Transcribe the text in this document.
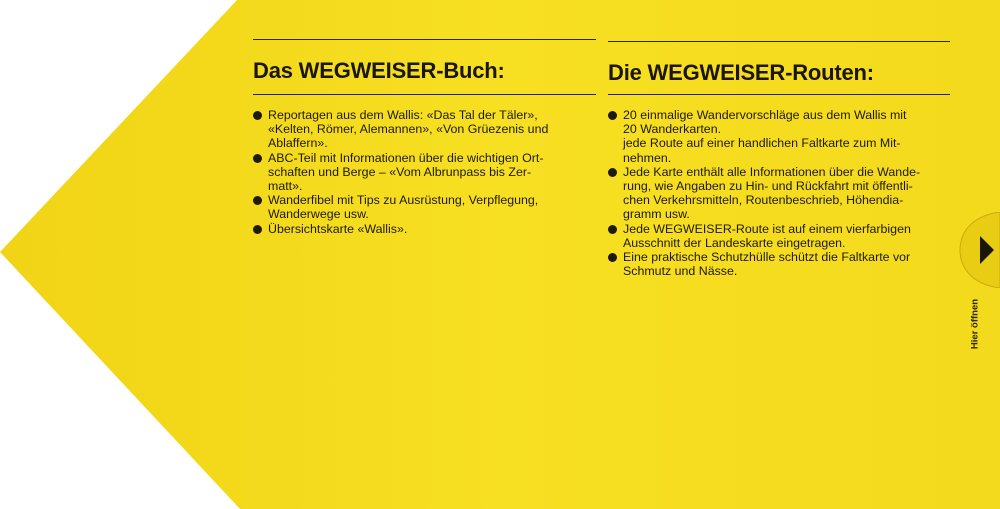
Hier öffnen
Das WEGWEISER-Buch:
Reportagen aus dem Wallis: «Das Tal der Täler»,
«Kelten, Römer, Alemannen», «Von Grüezenis und
Ablaffern».
ABC-Teil mit Informationen über die wichtigen Ort-
schaften und Berge – «Vom Albrunpass bis Zer-
matt».
Wanderfibel mit Tips zu Ausrüstung, Verpflegung,
Wanderwege usw.
Übersichtskarte «Wallis».
Die WEGWEISER-Routen:
20 einmalige Wandervorschläge aus dem Wallis mit
20 Wanderkarten.
jede Route auf einer handlichen Faltkarte zum Mit-
nehmen.
Jede Karte enthält alle Informationen über die Wande-
rung, wie Angaben zu Hin- und Rückfahrt mit öffentli-
chen Verkehrsmitteln, Routenbeschrieb, Höhendia-
gramm usw.
Jede WEGWEISER-Route ist auf einem vierfarbigen
Ausschnitt der Landeskarte eingetragen.
Eine praktische Schutzhülle schützt die Faltkarte vor
Schmutz und Nässe.
